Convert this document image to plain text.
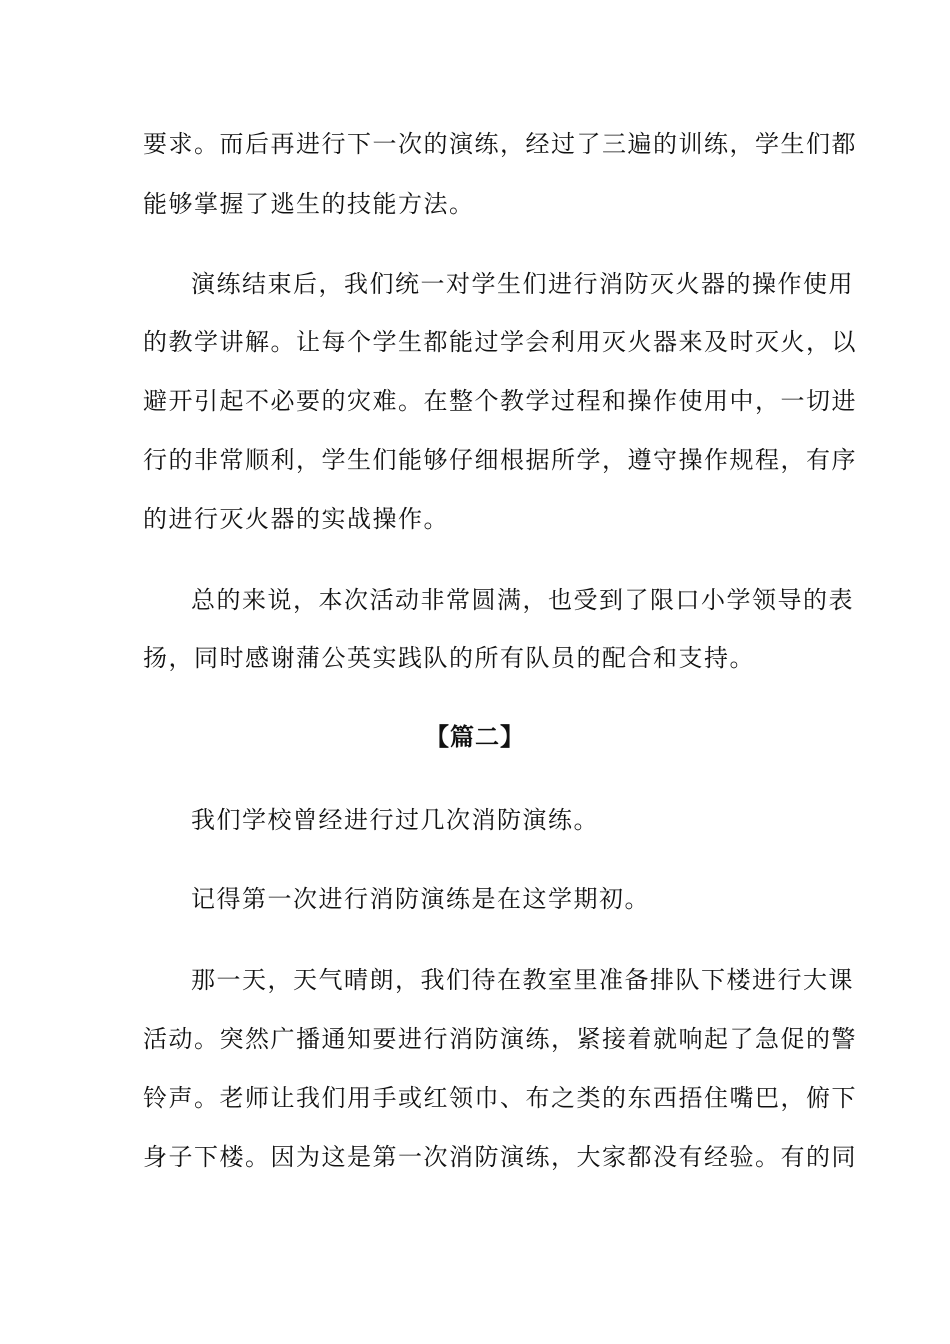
要求。而后再进行下一次的演练，经过了三遍的训练，学生们都
能够掌握了逃生的技能方法。
演练结束后，我们统一对学生们进行消防灭火器的操作使用
的教学讲解。让每个学生都能过学会利用灭火器来及时灭火，以
避开引起不必要的灾难。在整个教学过程和操作使用中，一切进
行的非常顺利，学生们能够仔细根据所学，遵守操作规程，有序
的进行灭火器的实战操作。
总的来说，本次活动非常圆满，也受到了限口小学领导的表
扬，同时感谢蒲公英实践队的所有队员的配合和支持。
【篇二】
我们学校曾经进行过几次消防演练。
记得第一次进行消防演练是在这学期初。
那一天，天气晴朗，我们待在教室里准备排队下楼进行大课
活动。突然广播通知要进行消防演练，紧接着就响起了急促的警
铃声。老师让我们用手或红领巾、布之类的东西捂住嘴巴，俯下
身子下楼。因为这是第一次消防演练，大家都没有经验。有的同
